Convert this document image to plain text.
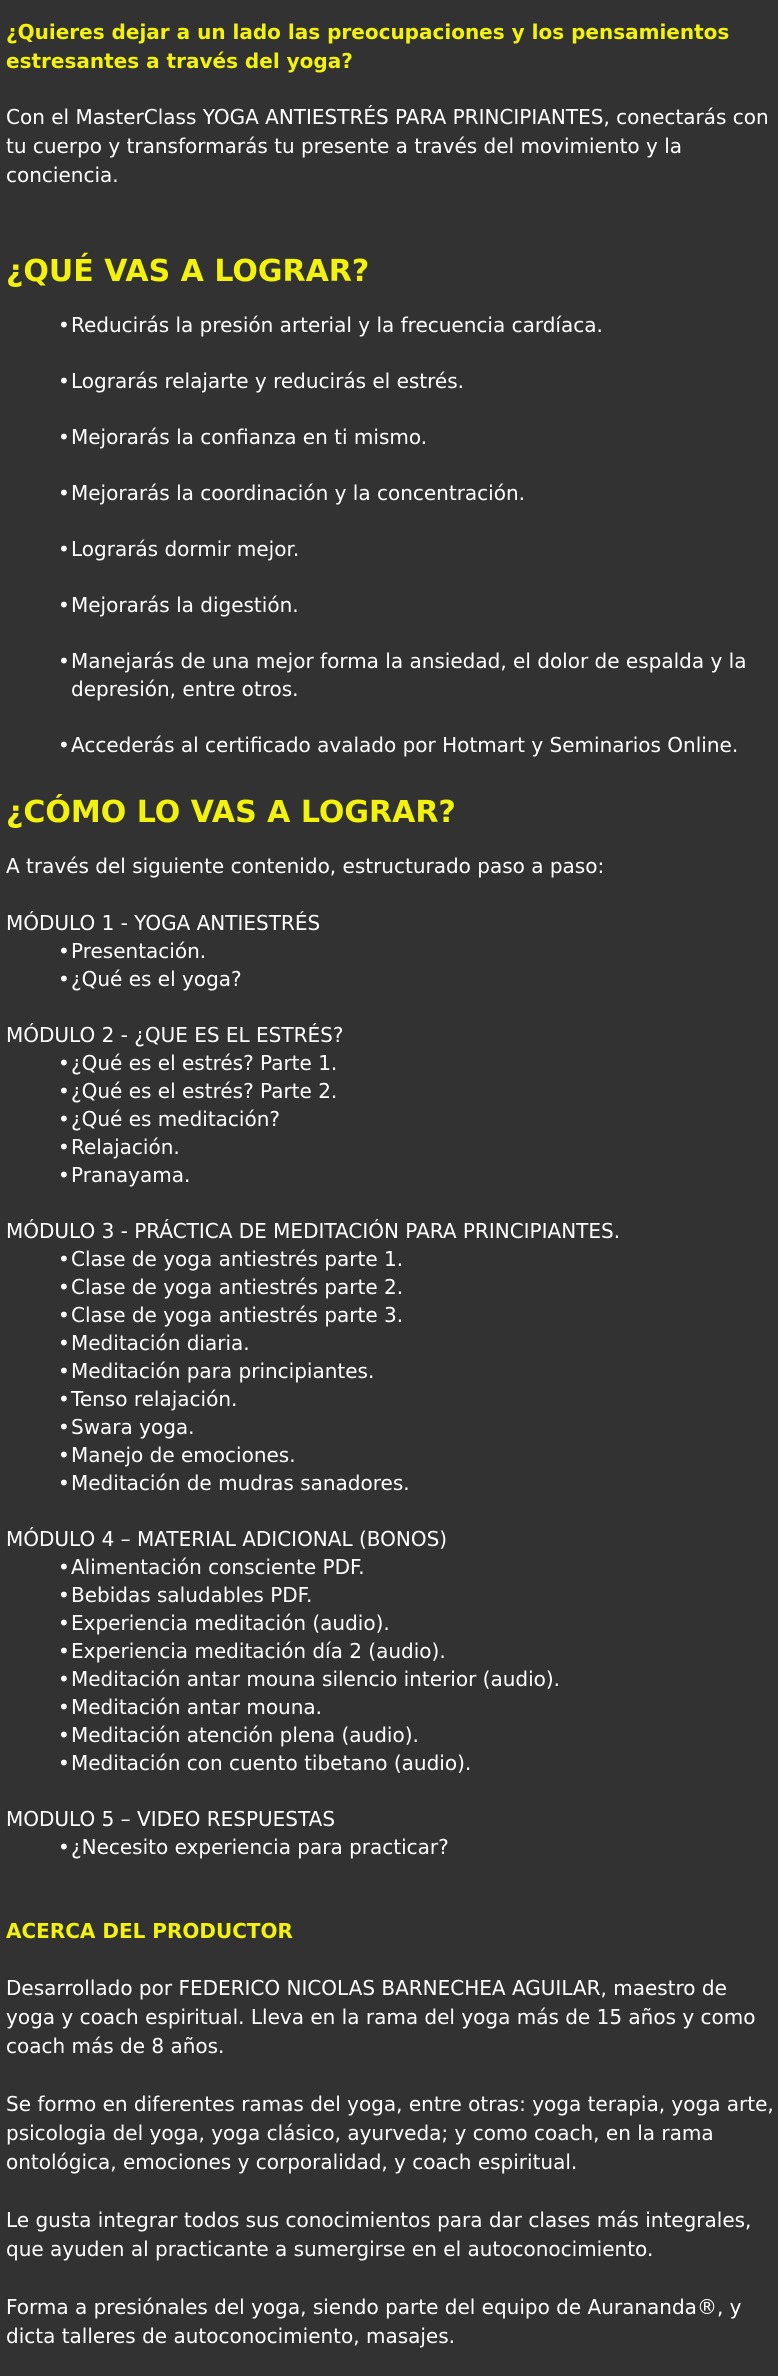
¿Quieres dejar a un lado las preocupaciones y los pensamientos estresantes a través del yoga?

Con el MasterClass YOGA ANTIESTRÉS PARA PRINCIPIANTES, conectarás con tu cuerpo y transformarás tu presente a través del movimiento y la conciencia.

¿QUÉ VAS A LOGRAR?
• Reducirás la presión arterial y la frecuencia cardíaca.
• Lograrás relajarte y reducirás el estrés.
• Mejorarás la confianza en ti mismo.
• Mejorarás la coordinación y la concentración.
• Lograrás dormir mejor.
• Mejorarás la digestión.
• Manejarás de una mejor forma la ansiedad, el dolor de espalda y la depresión, entre otros.
• Accederás al certificado avalado por Hotmart y Seminarios Online.
¿CÓMO LO VAS A LOGRAR?

A través del siguiente contenido, estructurado paso a paso:

MÓDULO 1 - YOGA ANTIESTRÉS

• Presentación.
• ¿Qué es el yoga?

MÓDULO 2 - ¿QUE ES EL ESTRÉS?

• ¿Qué es el estrés? Parte 1.
• ¿Qué es el estrés? Parte 2.
• ¿Qué es meditación?
• Relajación.
• Pranayama.

MÓDULO 3 - PRÁCTICA DE MEDITACIÓN PARA PRINCIPIANTES.

• Clase de yoga antiestrés parte 1.
• Clase de yoga antiestrés parte 2.
• Clase de yoga antiestrés parte 3.
• Meditación diaria.
• Meditación para principiantes.
• Tenso relajación.
• Swara yoga.
• Manejo de emociones.
• Meditación de mudras sanadores.

MÓDULO 4 – MATERIAL ADICIONAL (BONOS)

• Alimentación consciente PDF.
• Bebidas saludables PDF.
• Experiencia meditación (audio).
• Experiencia meditación día 2 (audio).
• Meditación antar mouna silencio interior (audio).
• Meditación antar mouna.
• Meditación atención plena (audio).
• Meditación con cuento tibetano (audio).

MODULO 5 – VIDEO RESPUESTAS

• ¿Necesito experiencia para practicar?
ACERCA DEL PRODUCTOR

Desarrollado por FEDERICO NICOLAS BARNECHEA AGUILAR, maestro de yoga y coach espiritual. Lleva en la rama del yoga más de 15 años y como coach más de 8 años.

Se formo en diferentes ramas del yoga, entre otras: yoga terapia, yoga arte, psicologia del yoga, yoga clásico, ayurveda; y como coach, en la rama ontológica, emociones y corporalidad, y coach espiritual.

Le gusta integrar todos sus conocimientos para dar clases más integrales, que ayuden al practicante a sumergirse en el autoconocimiento.

Forma a presiónales del yoga, siendo parte del equipo de Aurananda®, y dicta talleres de autoconocimiento, masajes.
